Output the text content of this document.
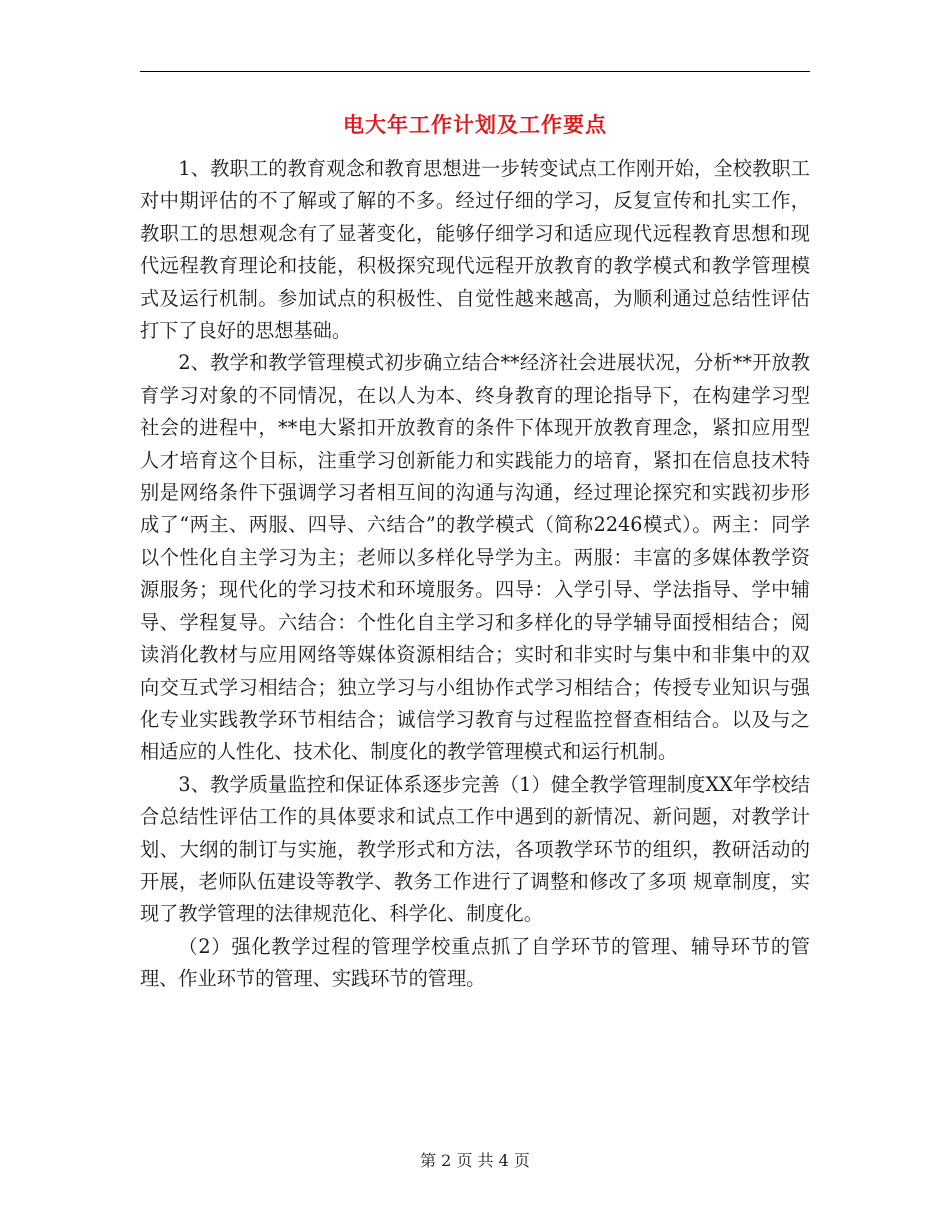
电大年工作计划及工作要点

1、教职工的教育观念和教育思想进一步转变试点工作刚开始，全校教职工对中期评估的不了解或了解的不多。经过仔细的学习，反复宣传和扎实工作，教职工的思想观念有了显著变化，能够仔细学习和适应现代远程教育思想和现代远程教育理论和技能，积极探究现代远程开放教育的教学模式和教学管理模式及运行机制。参加试点的积极性、自觉性越来越高，为顺利通过总结性评估打下了良好的思想基础。

2、教学和教学管理模式初步确立结合**经济社会进展状况，分析**开放教育学习对象的不同情况，在以人为本、终身教育的理论指导下，在构建学习型社会的进程中，**电大紧扣开放教育的条件下体现开放教育理念，紧扣应用型人才培育这个目标，注重学习创新能力和实践能力的培育，紧扣在信息技术特别是网络条件下强调学习者相互间的沟通与沟通，经过理论探究和实践初步形成了“两主、两服、四导、六结合”的教学模式（简称2246模式）。两主：同学以个性化自主学习为主；老师以多样化导学为主。两服：丰富的多媒体教学资源服务；现代化的学习技术和环境服务。四导：入学引导、学法指导、学中辅导、学程复导。六结合：个性化自主学习和多样化的导学辅导面授相结合；阅读消化教材与应用网络等媒体资源相结合；实时和非实时与集中和非集中的双向交互式学习相结合；独立学习与小组协作式学习相结合；传授专业知识与强化专业实践教学环节相结合；诚信学习教育与过程监控督查相结合。以及与之相适应的人性化、技术化、制度化的教学管理模式和运行机制。

3、教学质量监控和保证体系逐步完善（1）健全教学管理制度XX年学校结合总结性评估工作的具体要求和试点工作中遇到的新情况、新问题，对教学计划、大纲的制订与实施，教学形式和方法，各项教学环节的组织，教研活动的开展，老师队伍建设等教学、教务工作进行了调整和修改了多项 规章制度，实现了教学管理的法律规范化、科学化、制度化。

（2）强化教学过程的管理学校重点抓了自学环节的管理、辅导环节的管理、作业环节的管理、实践环节的管理。

第 2 页 共 4 页
